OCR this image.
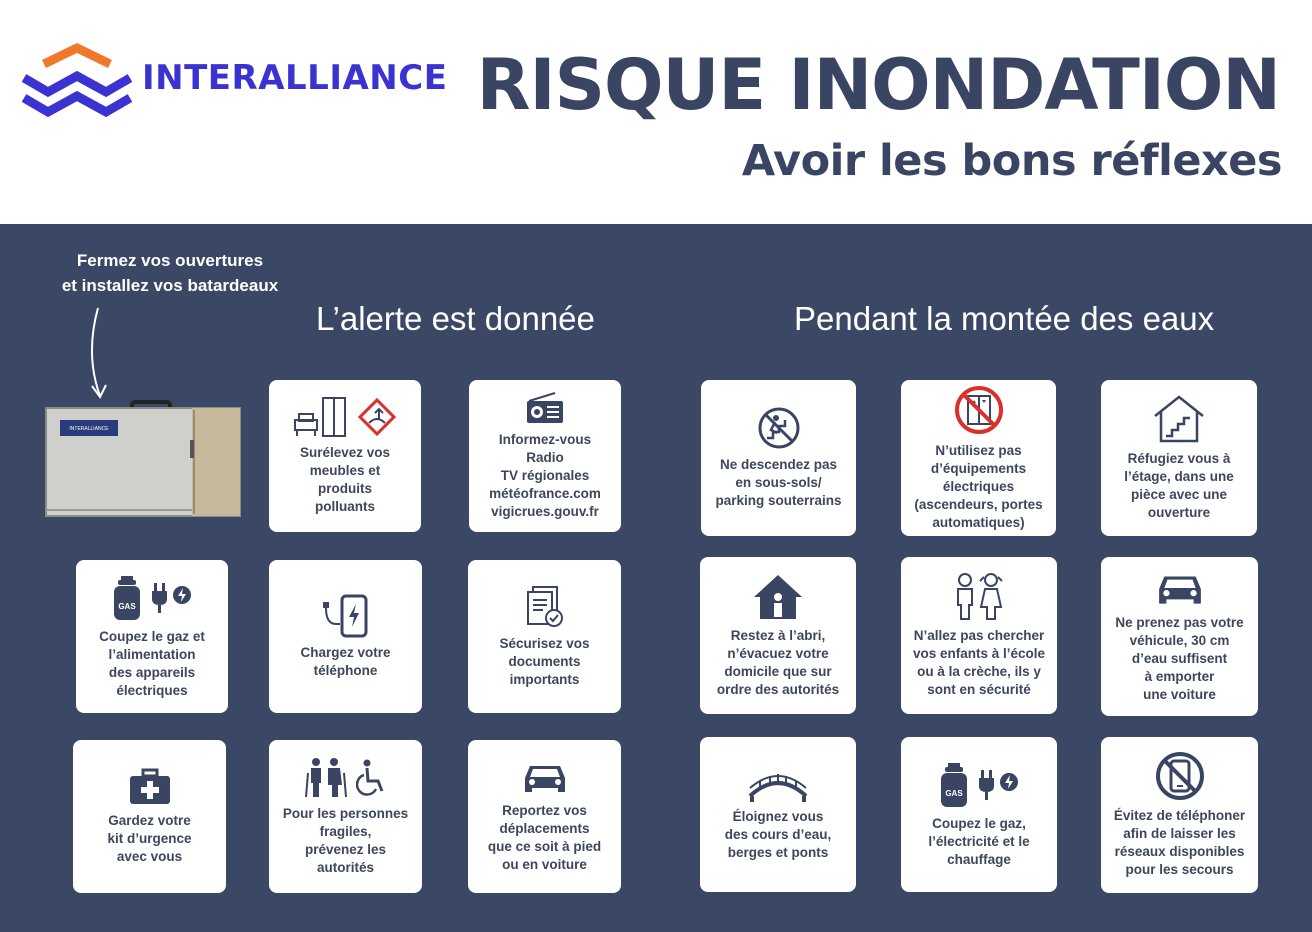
INTERALLIANCE RISQUE INONDATION
Avoir les bons réflexes
Fermez vos ouvertures
et installez vos batardeaux
L’alerte est donnée	Pendant la montée des eaux
INTERALLIANCE
Surélevez vos
meubles et
produits
polluants
Informez-vous
Radio
TV régionales
météofrance.com
vigicrues.gouv.fr
GAS
Coupez le gaz et
l’alimentation
des appareils
électriques
Chargez votre
téléphone
Sécurisez vos
documents
importants
Gardez votre
kit d’urgence
avec vous
Pour les personnes
fragiles,
prévenez les
autorités
Reportez vos
déplacements
que ce soit à pied
ou en voiture
Ne descendez pas
en sous-sols/
parking souterrains
N’utilisez pas
d’équipements
électriques
(ascendeurs, portes
automatiques)
Réfugiez vous à
l’étage, dans une
pièce avec une
ouverture
Restez à l’abri,
n’évacuez votre
domicile que sur
ordre des autorités
N’allez pas chercher
vos enfants à l’école
ou à la crèche, ils y
sont en sécurité
Ne prenez pas votre
véhicule, 30 cm
d’eau suffisent
à emporter
une voiture
Éloignez vous
des cours d’eau,
berges et ponts
GAS
Coupez le gaz,
l’électricité et le
chauffage
Évitez de téléphoner
afin de laisser les
réseaux disponibles
pour les secours
